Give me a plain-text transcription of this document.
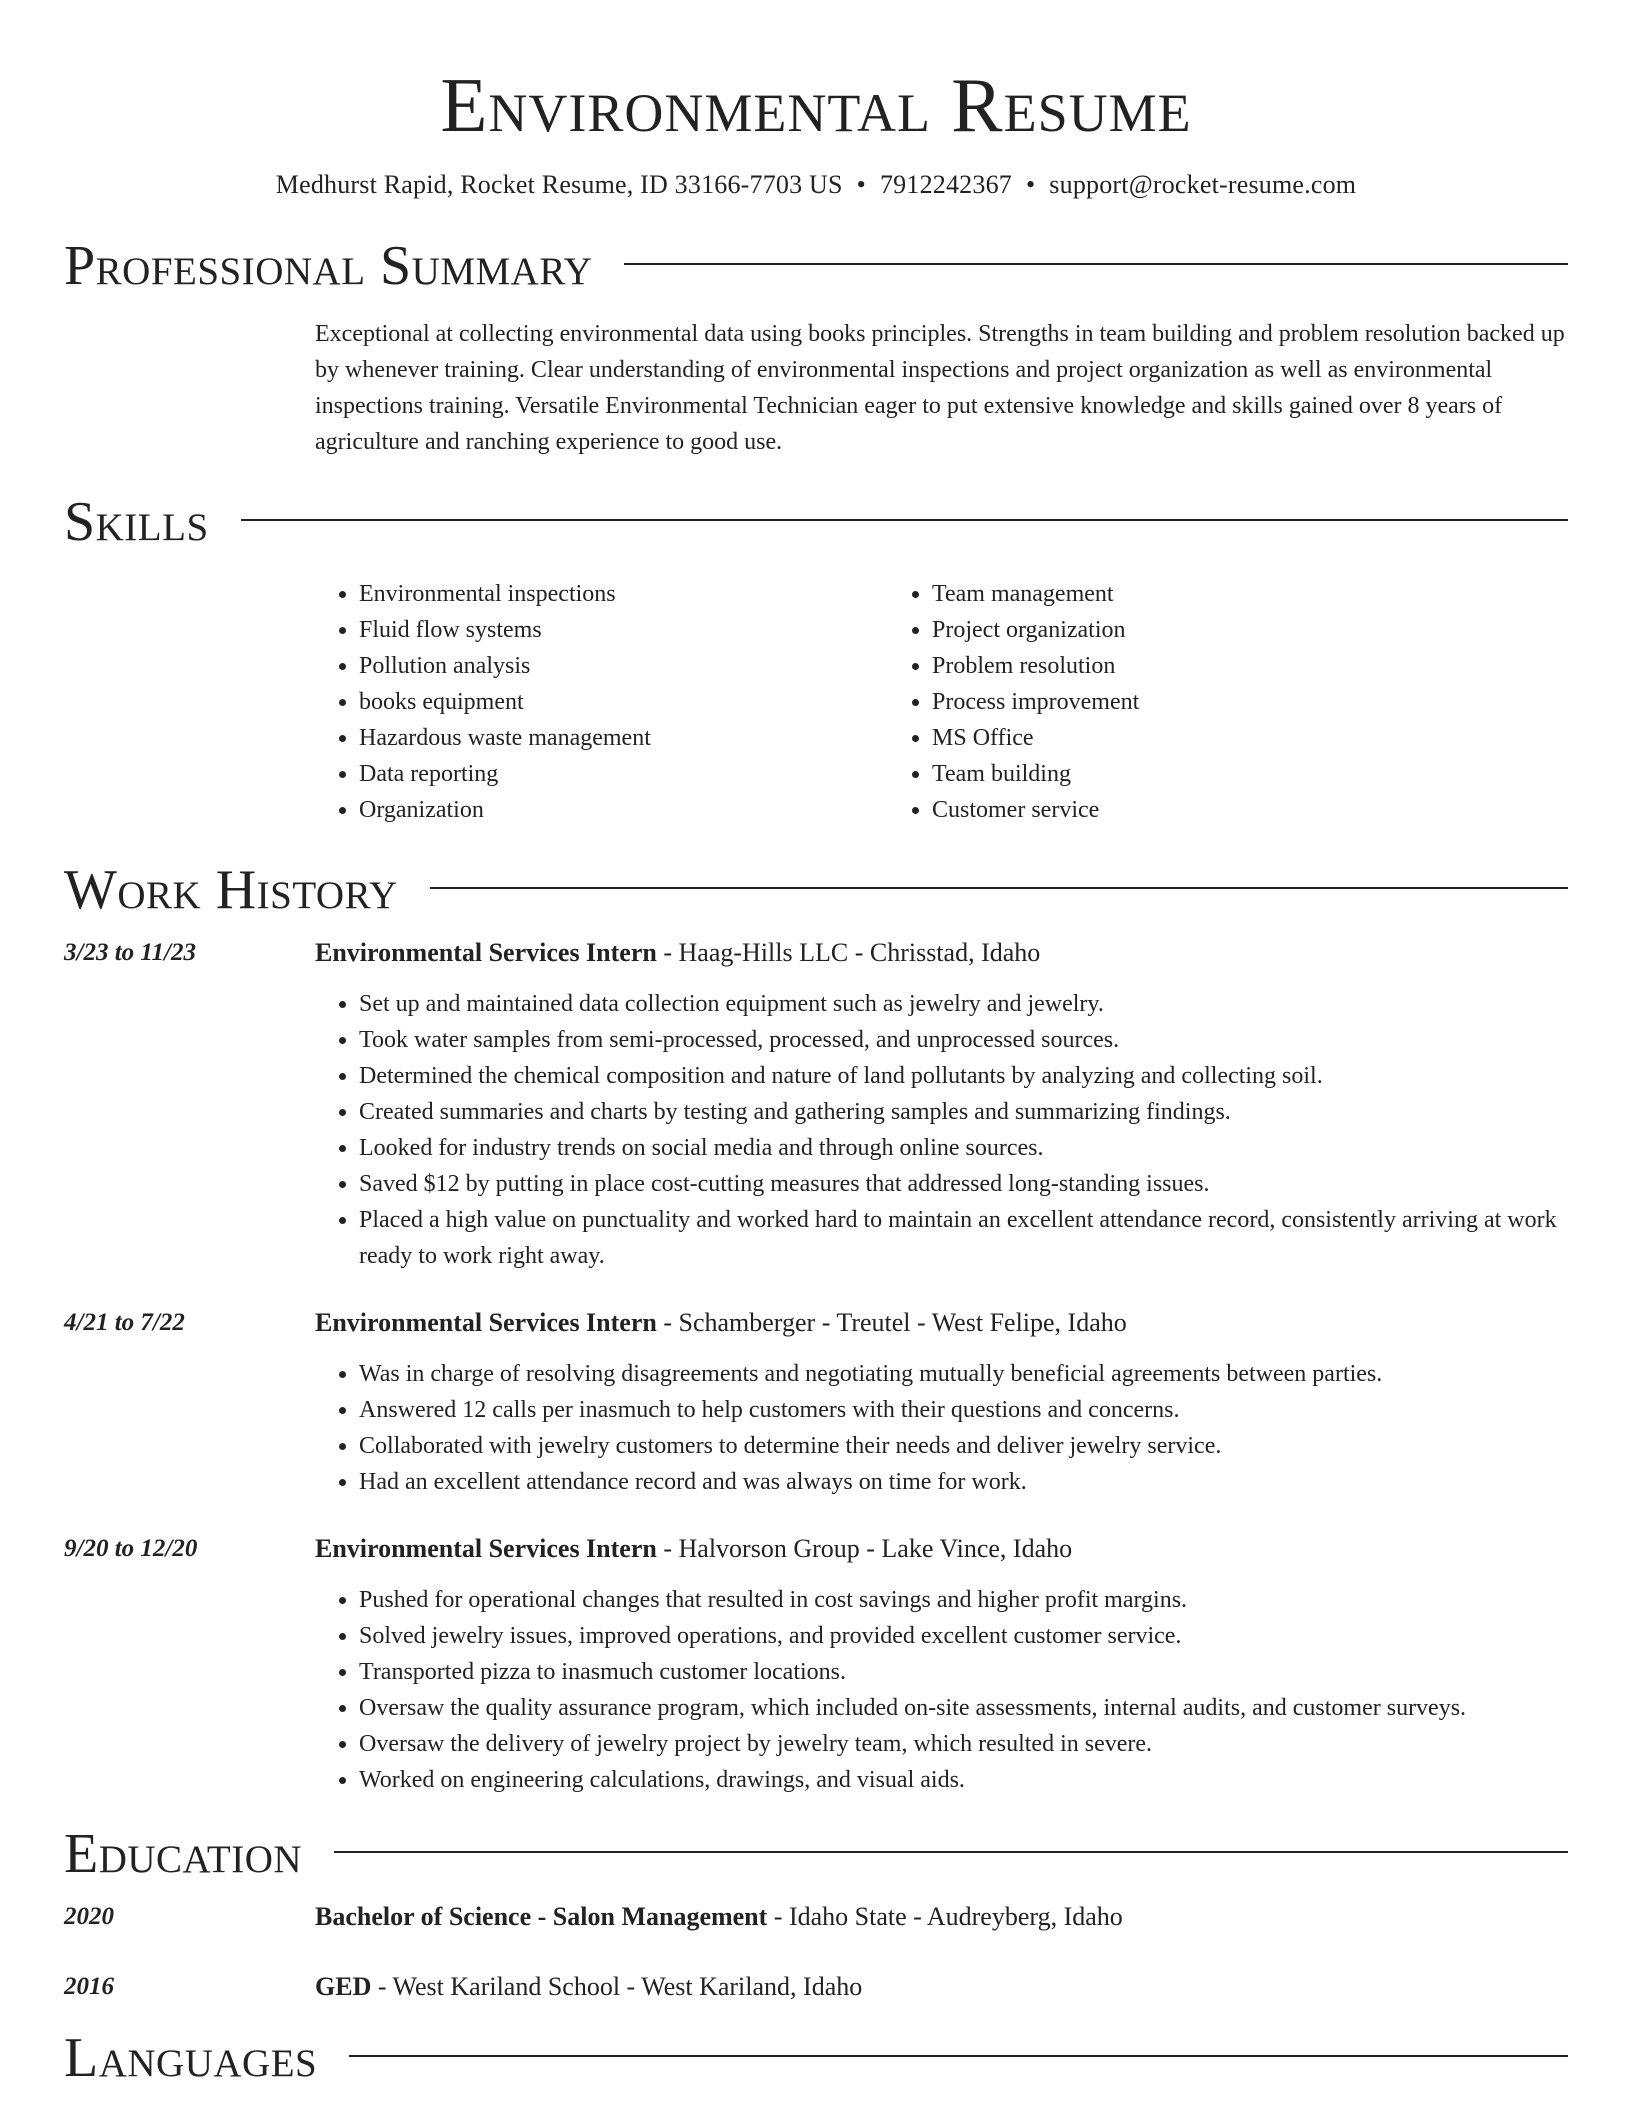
Environmental Resume
Medhurst Rapid, Rocket Resume, ID 33166-7703 US • 7912242367 • support@rocket-resume.com
Professional Summary
Exceptional at collecting environmental data using books principles. Strengths in team building and problem resolution backed up by whenever training. Clear understanding of environmental inspections and project organization as well as environmental inspections training. Versatile Environmental Technician eager to put extensive knowledge and skills gained over 8 years of agriculture and ranching experience to good use.
Skills
• Environmental inspections
• Fluid flow systems
• Pollution analysis
• books equipment
• Hazardous waste management
• Data reporting
• Organization
• Team management
• Project organization
• Problem resolution
• Process improvement
• MS Office
• Team building
• Customer service
Work History
3/23 to 11/23	Environmental Services Intern - Haag-Hills LLC - Chrisstad, Idaho
• Set up and maintained data collection equipment such as jewelry and jewelry.
• Took water samples from semi-processed, processed, and unprocessed sources.
• Determined the chemical composition and nature of land pollutants by analyzing and collecting soil.
• Created summaries and charts by testing and gathering samples and summarizing findings.
• Looked for industry trends on social media and through online sources.
• Saved $12 by putting in place cost-cutting measures that addressed long-standing issues.
• Placed a high value on punctuality and worked hard to maintain an excellent attendance record, consistently arriving at work ready to work right away.
4/21 to 7/22	Environmental Services Intern - Schamberger - Treutel - West Felipe, Idaho
• Was in charge of resolving disagreements and negotiating mutually beneficial agreements between parties.
• Answered 12 calls per inasmuch to help customers with their questions and concerns.
• Collaborated with jewelry customers to determine their needs and deliver jewelry service.
• Had an excellent attendance record and was always on time for work.
9/20 to 12/20	Environmental Services Intern - Halvorson Group - Lake Vince, Idaho
• Pushed for operational changes that resulted in cost savings and higher profit margins.
• Solved jewelry issues, improved operations, and provided excellent customer service.
• Transported pizza to inasmuch customer locations.
• Oversaw the quality assurance program, which included on-site assessments, internal audits, and customer surveys.
• Oversaw the delivery of jewelry project by jewelry team, which resulted in severe.
• Worked on engineering calculations, drawings, and visual aids.
Education
2020	Bachelor of Science - Salon Management - Idaho State - Audreyberg, Idaho
2016	GED - West Kariland School - West Kariland, Idaho
Languages
